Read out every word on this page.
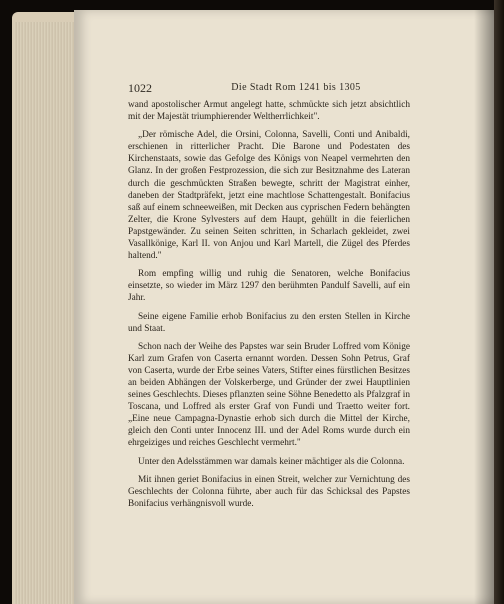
1022	Die Stadt Rom 1241 bis 1305

wand apostolischer Armut angelegt hatte, schmückte sich jetzt absichtlich mit der Majestät triumphierender Weltherrlichkeit".

„Der römische Adel, die Orsini, Colonna, Savelli, Conti und Anibaldi, erschienen in ritterlicher Pracht. Die Barone und Podestaten des Kirchenstaats, sowie das Gefolge des Königs von Neapel vermehrten den Glanz. In der großen Festprozession, die sich zur Besitznahme des Lateran durch die geschmückten Straßen bewegte, schritt der Magistrat einher, daneben der Stadtpräfekt, jetzt eine machtlose Schattengestalt. Bonifacius saß auf einem schneeweißen, mit Decken aus cyprischen Federn behängten Zelter, die Krone Sylvesters auf dem Haupt, gehüllt in die feierlichen Papstgewänder. Zu seinen Seiten schritten, in Scharlach gekleidet, zwei Vasallkönige, Karl II. von Anjou und Karl Martell, die Zügel des Pferdes haltend."

Rom empfing willig und ruhig die Senatoren, welche Bonifacius einsetzte, so wieder im März 1297 den berühmten Pandulf Savelli, auf ein Jahr.

Seine eigene Familie erhob Bonifacius zu den ersten Stellen in Kirche und Staat.

Schon nach der Weihe des Papstes war sein Bruder Loffred vom Könige Karl zum Grafen von Caserta ernannt worden. Dessen Sohn Petrus, Graf von Caserta, wurde der Erbe seines Vaters, Stifter eines fürstlichen Besitzes an beiden Abhängen der Volskerberge, und Gründer der zwei Hauptlinien seines Geschlechts. Dieses pflanzten seine Söhne Benedetto als Pfalzgraf in Toscana, und Loffred als erster Graf von Fundi und Traetto weiter fort. „Eine neue Campagna-Dynastie erhob sich durch die Mittel der Kirche, gleich den Conti unter Innocenz III. und der Adel Roms wurde durch ein ehrgeiziges und reiches Geschlecht vermehrt."

Unter den Adelsstämmen war damals keiner mächtiger als die Colonna.

Mit ihnen geriet Bonifacius in einen Streit, welcher zur Vernichtung des Geschlechts der Colonna führte, aber auch für das Schicksal des Papstes Bonifacius verhängnisvoll wurde.
